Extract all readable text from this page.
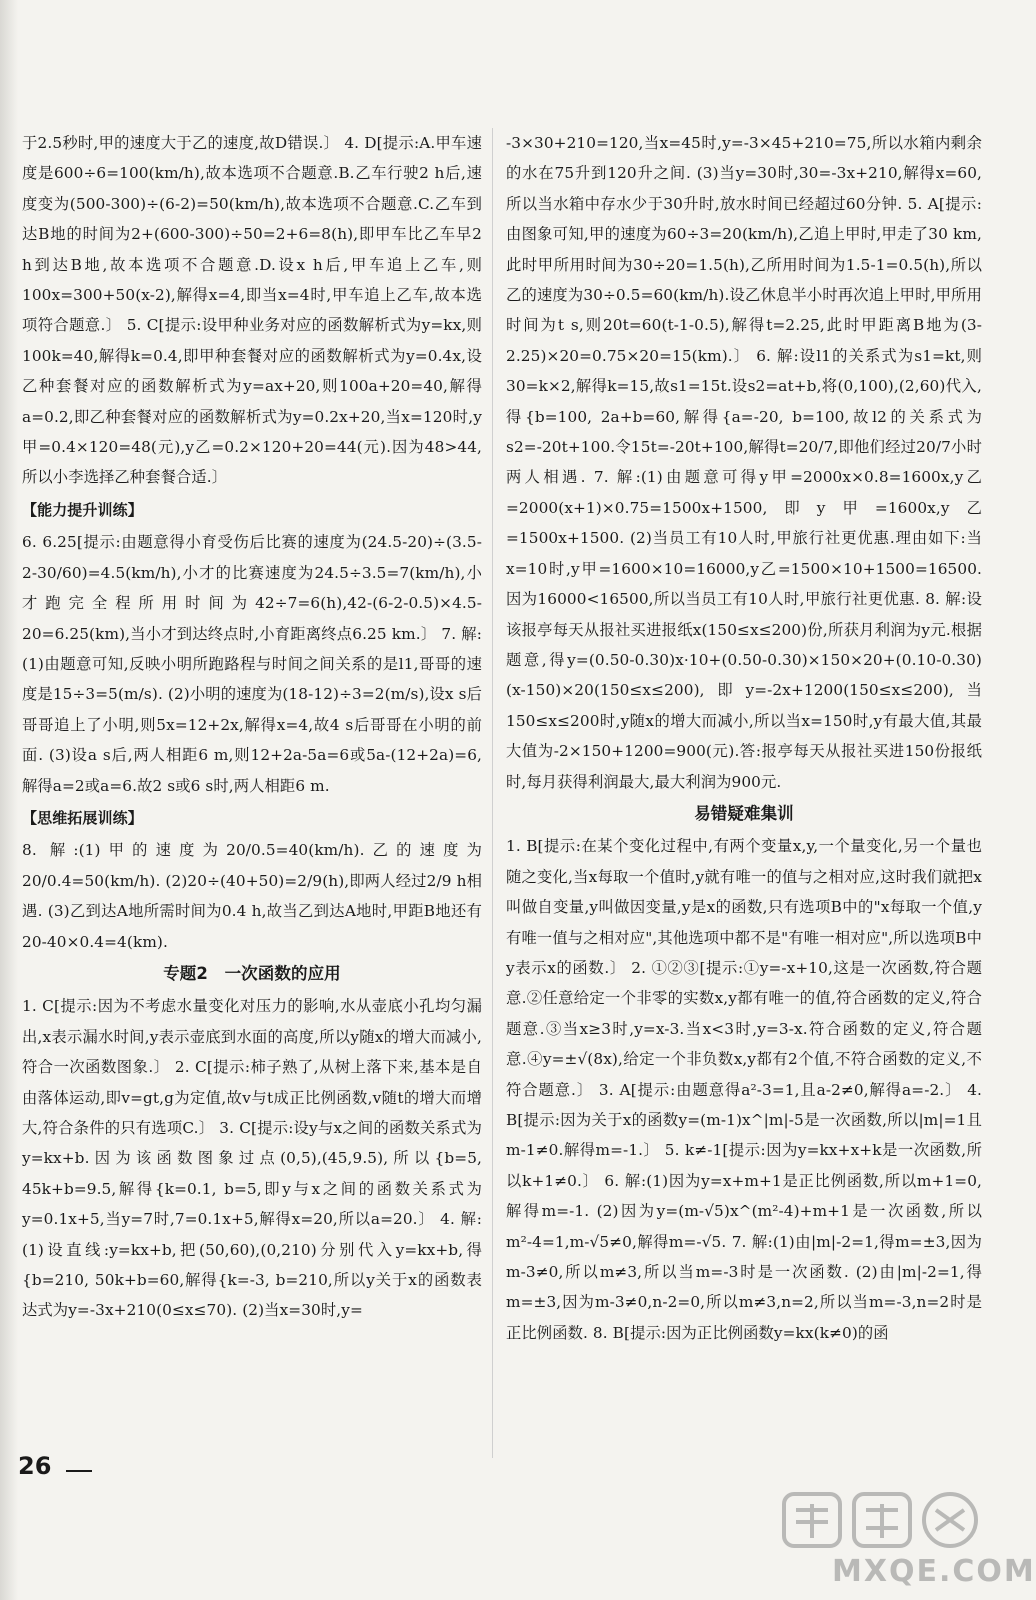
于2.5秒时,甲的速度大于乙的速度,故D错误.〕 4. D[提示:A.甲车速度是600÷6=100(km/h),故本选项不合题意.B.乙车行驶2 h后,速度变为(500-300)÷(6-2)=50(km/h),故本选项不合题意.C.乙车到达B地的时间为2+(600-300)÷50=2+6=8(h),即甲车比乙车早2 h到达B地,故本选项不合题意.D.设x h后,甲车追上乙车,则100x=300+50(x-2),解得x=4,即当x=4时,甲车追上乙车,故本选项符合题意.〕 5. C[提示:设甲种业务对应的函数解析式为y=kx,则100k=40,解得k=0.4,即甲种套餐对应的函数解析式为y=0.4x,设乙种套餐对应的函数解析式为y=ax+20,则100a+20=40,解得a=0.2,即乙种套餐对应的函数解析式为y=0.2x+20,当x=120时,y甲=0.4×120=48(元),y乙=0.2×120+20=44(元).因为48>44,所以小李选择乙种套餐合适.〕

【能力提升训练】

6. 6.25[提示:由题意得小育受伤后比赛的速度为(24.5-20)÷(3.5-2-30/60)=4.5(km/h),小才的比赛速度为24.5÷3.5=7(km/h),小才跑完全程所用时间为42÷7=6(h),42-(6-2-0.5)×4.5-20=6.25(km),当小才到达终点时,小育距离终点6.25 km.〕 7. 解:(1)由题意可知,反映小明所跑路程与时间之间关系的是l1,哥哥的速度是15÷3=5(m/s). (2)小明的速度为(18-12)÷3=2(m/s),设x s后哥哥追上了小明,则5x=12+2x,解得x=4,故4 s后哥哥在小明的前面. (3)设a s后,两人相距6 m,则12+2a-5a=6或5a-(12+2a)=6,解得a=2或a=6.故2 s或6 s时,两人相距6 m.

【思维拓展训练】

8. 解:(1)甲的速度为20/0.5=40(km/h).乙的速度为20/0.4=50(km/h). (2)20÷(40+50)=2/9(h),即两人经过2/9 h相遇. (3)乙到达A地所需时间为0.4 h,故当乙到达A地时,甲距B地还有20-40×0.4=4(km).

专题2　一次函数的应用

1. C[提示:因为不考虑水量变化对压力的影响,水从壶底小孔均匀漏出,x表示漏水时间,y表示壶底到水面的高度,所以y随x的增大而减小,符合一次函数图象.〕 2. C[提示:柿子熟了,从树上落下来,基本是自由落体运动,即v=gt,g为定值,故v与t成正比例函数,v随t的增大而增大,符合条件的只有选项C.〕 3. C[提示:设y与x之间的函数关系式为y=kx+b.因为该函数图象过点(0,5),(45,9.5),所以{b=5, 45k+b=9.5,解得{k=0.1, b=5,即y与x之间的函数关系式为y=0.1x+5,当y=7时,7=0.1x+5,解得x=20,所以a=20.〕 4. 解:(1)设直线:y=kx+b,把(50,60),(0,210)分别代入y=kx+b,得{b=210, 50k+b=60,解得{k=-3, b=210,所以y关于x的函数表达式为y=-3x+210(0≤x≤70). (2)当x=30时,y=

-3×30+210=120,当x=45时,y=-3×45+210=75,所以水箱内剩余的水在75升到120升之间. (3)当y=30时,30=-3x+210,解得x=60,所以当水箱中存水少于30升时,放水时间已经超过60分钟. 5. A[提示:由图象可知,甲的速度为60÷3=20(km/h),乙追上甲时,甲走了30 km,此时甲所用时间为30÷20=1.5(h),乙所用时间为1.5-1=0.5(h),所以乙的速度为30÷0.5=60(km/h).设乙休息半小时再次追上甲时,甲所用时间为t s,则20t=60(t-1-0.5),解得t=2.25,此时甲距离B地为(3-2.25)×20=0.75×20=15(km).〕 6. 解:设l1的关系式为s1=kt,则30=k×2,解得k=15,故s1=15t.设s2=at+b,将(0,100),(2,60)代入,得{b=100, 2a+b=60,解得{a=-20, b=100,故l2的关系式为s2=-20t+100.令15t=-20t+100,解得t=20/7,即他们经过20/7小时两人相遇. 7. 解:(1)由题意可得y甲=2000x×0.8=1600x,y乙=2000(x+1)×0.75=1500x+1500,即y甲=1600x,y乙=1500x+1500. (2)当员工有10人时,甲旅行社更优惠.理由如下:当x=10时,y甲=1600×10=16000,y乙=1500×10+1500=16500.因为16000<16500,所以当员工有10人时,甲旅行社更优惠. 8. 解:设该报亭每天从报社买进报纸x(150≤x≤200)份,所获月利润为y元.根据题意,得y=(0.50-0.30)x·10+(0.50-0.30)×150×20+(0.10-0.30)(x-150)×20(150≤x≤200),即y=-2x+1200(150≤x≤200),当150≤x≤200时,y随x的增大而减小,所以当x=150时,y有最大值,其最大值为-2×150+1200=900(元).答:报亭每天从报社买进150份报纸时,每月获得利润最大,最大利润为900元.

易错疑难集训

1. B[提示:在某个变化过程中,有两个变量x,y,一个量变化,另一个量也随之变化,当x每取一个值时,y就有唯一的值与之相对应,这时我们就把x叫做自变量,y叫做因变量,y是x的函数,只有选项B中的"x每取一个值,y有唯一值与之相对应",其他选项中都不是"有唯一相对应",所以选项B中y表示x的函数.〕 2. ①②③[提示:①y=-x+10,这是一次函数,符合题意.②任意给定一个非零的实数x,y都有唯一的值,符合函数的定义,符合题意.③当x≥3时,y=x-3.当x<3时,y=3-x.符合函数的定义,符合题意.④y=±√(8x),给定一个非负数x,y都有2个值,不符合函数的定义,不符合题意.〕 3. A[提示:由题意得a²-3=1,且a-2≠0,解得a=-2.〕 4. B[提示:因为关于x的函数y=(m-1)x^|m|-5是一次函数,所以|m|=1且m-1≠0.解得m=-1.〕 5. k≠-1[提示:因为y=kx+x+k是一次函数,所以k+1≠0.〕 6. 解:(1)因为y=x+m+1是正比例函数,所以m+1=0,解得m=-1. (2)因为y=(m-√5)x^(m²-4)+m+1是一次函数,所以m²-4=1,m-√5≠0,解得m=-√5. 7. 解:(1)由|m|-2=1,得m=±3,因为m-3≠0,所以m≠3,所以当m=-3时是一次函数. (2)由|m|-2=1,得m=±3,因为m-3≠0,n-2=0,所以m≠3,n=2,所以当m=-3,n=2时是正比例函数. 8. B[提示:因为正比例函数y=kx(k≠0)的函

26
MXQE.COM
